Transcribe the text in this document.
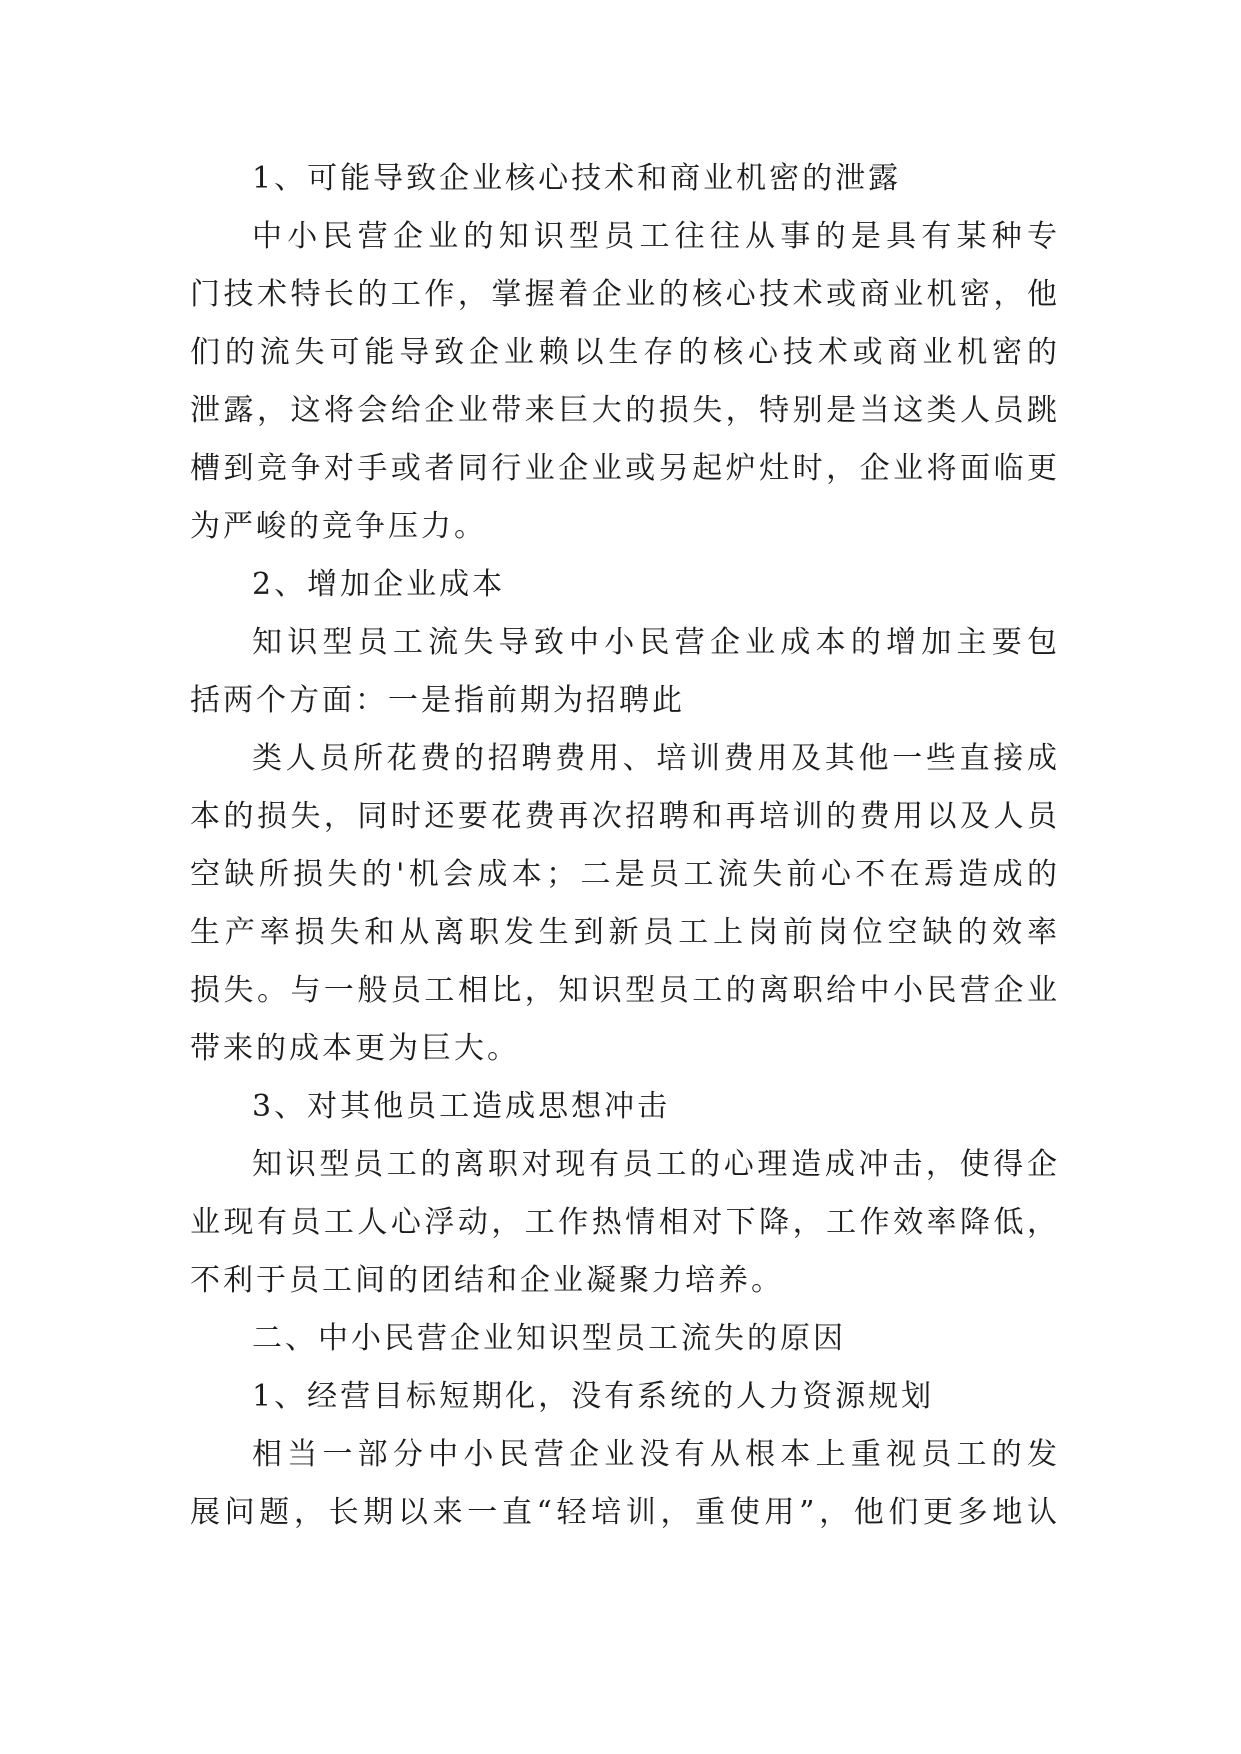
1、可能导致企业核心技术和商业机密的泄露
中小民营企业的知识型员工往往从事的是具有某种专
门技术特长的工作，掌握着企业的核心技术或商业机密，他
们的流失可能导致企业赖以生存的核心技术或商业机密的
泄露，这将会给企业带来巨大的损失，特别是当这类人员跳
槽到竞争对手或者同行业企业或另起炉灶时，企业将面临更
为严峻的竞争压力。
2、增加企业成本
知识型员工流失导致中小民营企业成本的增加主要包
括两个方面：一是指前期为招聘此
类人员所花费的招聘费用、培训费用及其他一些直接成
本的损失，同时还要花费再次招聘和再培训的费用以及人员
空缺所损失的'机会成本；二是员工流失前心不在焉造成的
生产率损失和从离职发生到新员工上岗前岗位空缺的效率
损失。与一般员工相比，知识型员工的离职给中小民营企业
带来的成本更为巨大。
3、对其他员工造成思想冲击
知识型员工的离职对现有员工的心理造成冲击，使得企
业现有员工人心浮动，工作热情相对下降，工作效率降低，
不利于员工间的团结和企业凝聚力培养。
二、中小民营企业知识型员工流失的原因
1、经营目标短期化，没有系统的人力资源规划
相当一部分中小民营企业没有从根本上重视员工的发
展问题，长期以来一直“轻培训，重使用”，他们更多地认
